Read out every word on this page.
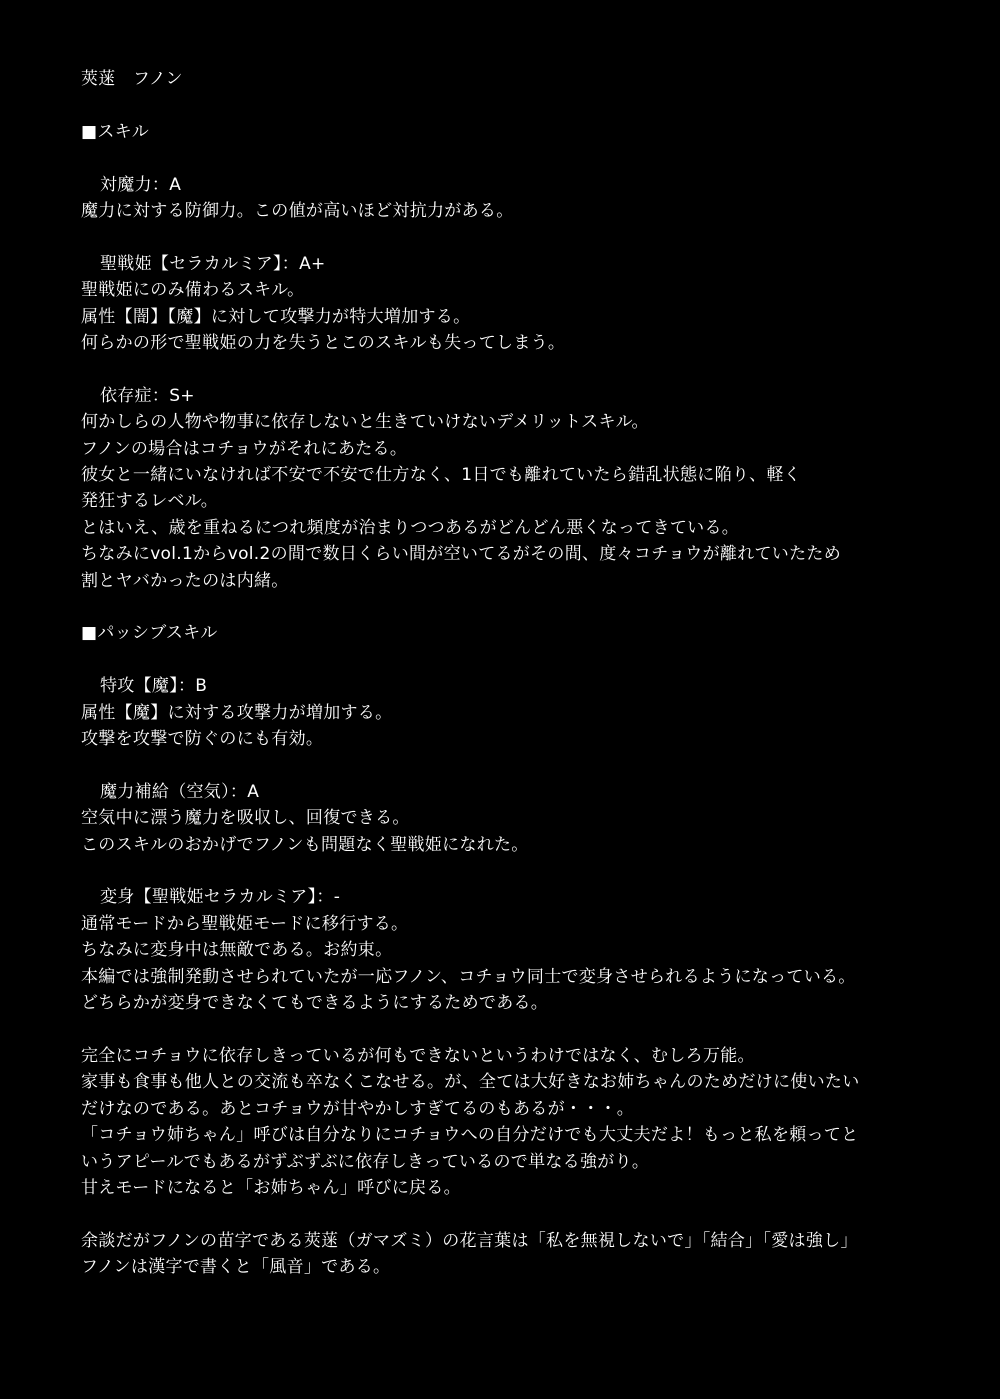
莢蒾　フノン
■スキル
対魔力：A
魔力に対する防御力。この値が高いほど対抗力がある。
聖戦姫【セラカルミア】：A+
聖戦姫にのみ備わるスキル。
属性【闇】【魔】に対して攻撃力が特大増加する。
何らかの形で聖戦姫の力を失うとこのスキルも失ってしまう。
依存症：S+
何かしらの人物や物事に依存しないと生きていけないデメリットスキル。
フノンの場合はコチョウがそれにあたる。
彼女と一緒にいなければ不安で不安で仕方なく、1日でも離れていたら錯乱状態に陥り、軽く
発狂するレベル。
とはいえ、歳を重ねるにつれ頻度が治まりつつあるがどんどん悪くなってきている。
ちなみにvol.1からvol.2の間で数日くらい間が空いてるがその間、度々コチョウが離れていたため
割とヤバかったのは内緒。
■パッシブスキル
特攻【魔】：B
属性【魔】に対する攻撃力が増加する。
攻撃を攻撃で防ぐのにも有効。
魔力補給（空気）：A
空気中に漂う魔力を吸収し、回復できる。
このスキルのおかげでフノンも問題なく聖戦姫になれた。
変身【聖戦姫セラカルミア】：-
通常モードから聖戦姫モードに移行する。
ちなみに変身中は無敵である。お約束。
本編では強制発動させられていたが一応フノン、コチョウ同士で変身させられるようになっている。
どちらかが変身できなくてもできるようにするためである。
完全にコチョウに依存しきっているが何もできないというわけではなく、むしろ万能。
家事も食事も他人との交流も卒なくこなせる。が、全ては大好きなお姉ちゃんのためだけに使いたい
だけなのである。あとコチョウが甘やかしすぎてるのもあるが・・・。
「コチョウ姉ちゃん」呼びは自分なりにコチョウへの自分だけでも大丈夫だよ！もっと私を頼ってと
いうアピールでもあるがずぶずぶに依存しきっているので単なる強がり。
甘えモードになると「お姉ちゃん」呼びに戻る。
余談だがフノンの苗字である莢蒾（ガマズミ）の花言葉は「私を無視しないで」「結合」「愛は強し」
フノンは漢字で書くと「風音」である。
